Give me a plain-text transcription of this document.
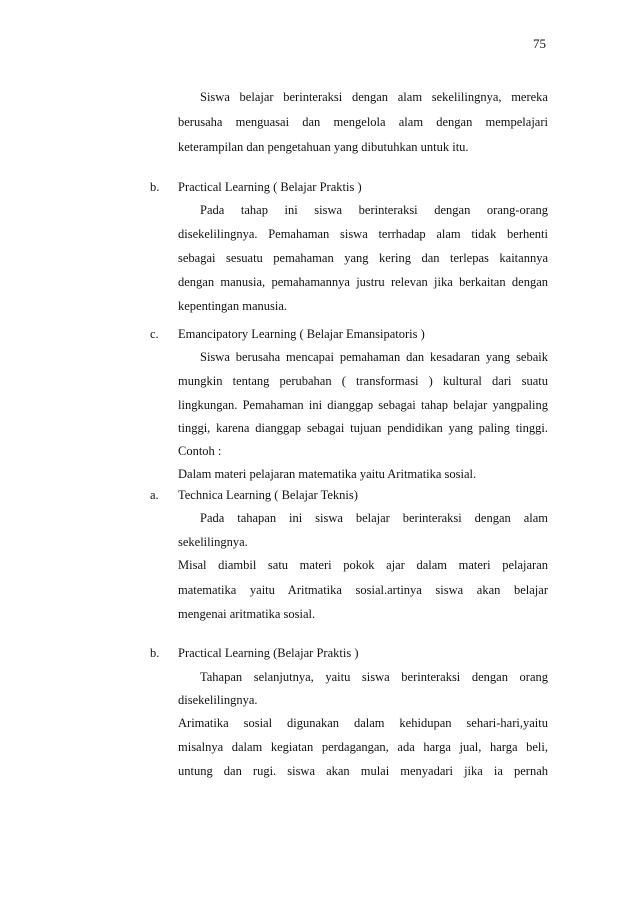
75
Siswa belajar berinteraksi dengan alam sekelilingnya, mereka
berusaha menguasai dan mengelola alam dengan mempelajari
keterampilan dan pengetahuan yang dibutuhkan untuk itu.
b. Practical Learning ( Belajar Praktis )
Pada tahap ini siswa berinteraksi dengan orang-orang
disekelilingnya. Pemahaman siswa terrhadap alam tidak berhenti
sebagai sesuatu pemahaman yang kering dan terlepas kaitannya
dengan manusia, pemahamannya justru relevan jika berkaitan dengan
kepentingan manusia.
c. Emancipatory Learning ( Belajar Emansipatoris )
Siswa berusaha mencapai pemahaman dan kesadaran yang sebaik
mungkin tentang perubahan ( transformasi ) kultural dari suatu
lingkungan. Pemahaman ini dianggap sebagai tahap belajar yangpaling
tinggi, karena dianggap sebagai tujuan pendidikan yang paling tinggi.
Contoh :
Dalam materi pelajaran matematika yaitu Aritmatika sosial.
a. Technica Learning ( Belajar Teknis)
Pada tahapan ini siswa belajar berinteraksi dengan alam
sekelilingnya.
Misal diambil satu materi pokok ajar dalam materi pelajaran
matematika yaitu Aritmatika sosial.artinya siswa akan belajar
mengenai aritmatika sosial.
b. Practical Learning (Belajar Praktis )
Tahapan selanjutnya, yaitu siswa berinteraksi dengan orang
disekelilingnya.
Arimatika sosial digunakan dalam kehidupan sehari-hari,yaitu
misalnya dalam kegiatan perdagangan, ada harga jual, harga beli,
untung dan rugi. siswa akan mulai menyadari jika ia pernah
